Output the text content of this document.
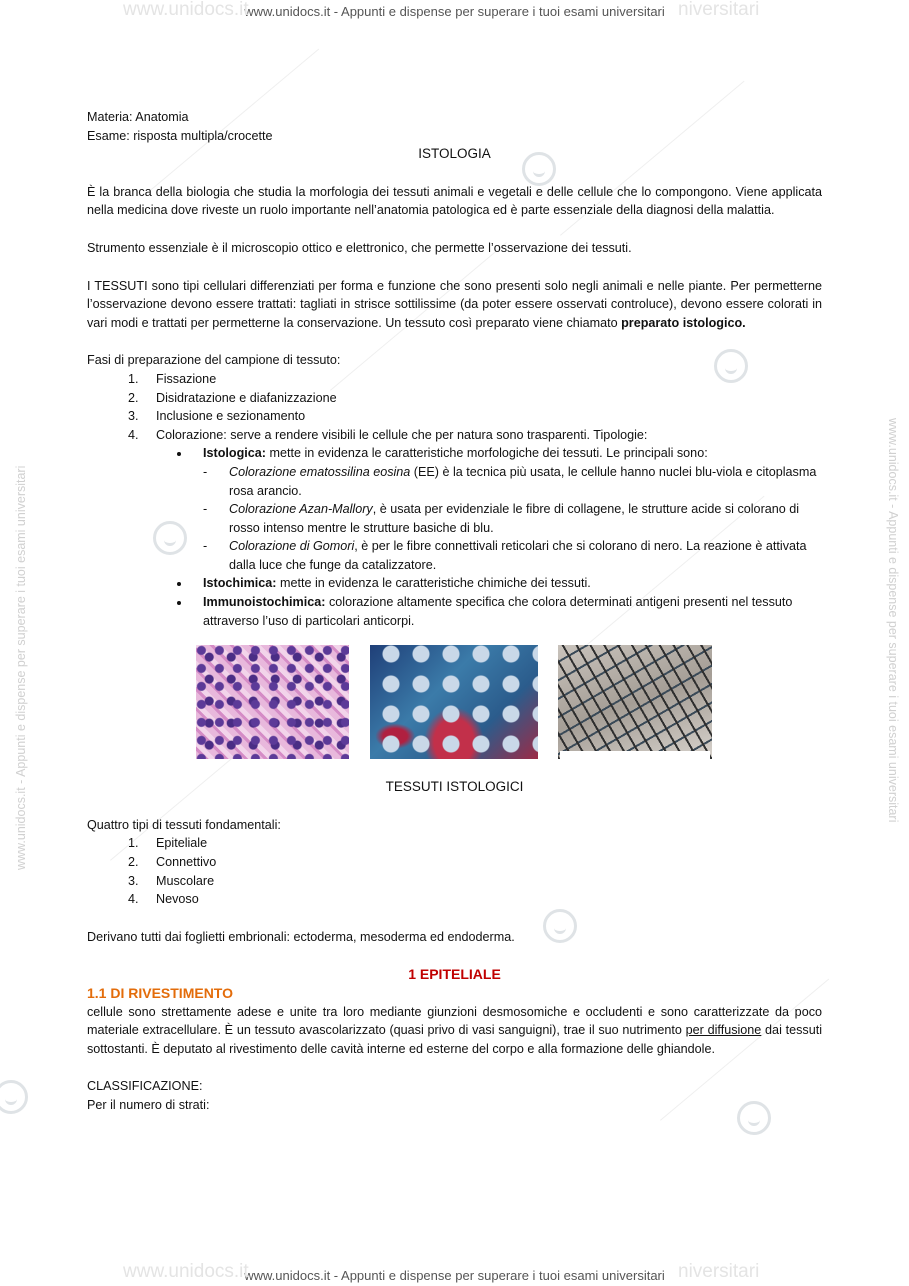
www.unidocs.it - Appunti e dispense per superare i tuoi esami universitari
www.unidocs.it	niversitari
www.unidocs.it - Appunti e dispense per superare i tuoi esami universitari
www.unidocs.it	niversitari
www.unidocs.it - Appunti e dispense per superare i tuoi esami universitari	www.unidocs.it - Appunti e dispense per superare i tuoi esami universitari

Materia: Anatomia

Esame: risposta multipla/crocette

ISTOLOGIA

È la branca della biologia che studia la morfologia dei tessuti animali e vegetali e delle cellule che lo compongono. Viene applicata nella medicina dove riveste un ruolo importante nell’anatomia patologica ed è parte essenziale della diagnosi della malattia.

Strumento essenziale è il microscopio ottico e elettronico, che permette l’osservazione dei tessuti.

I TESSUTI sono tipi cellulari differenziati per forma e funzione che sono presenti solo negli animali e nelle piante. Per permetterne l’osservazione devono essere trattati: tagliati in strisce sottilissime (da poter essere osservati controluce), devono essere colorati in vari modi e trattati per permetterne la conservazione. Un tessuto così preparato viene chiamato preparato istologico.

Fasi di preparazione del campione di tessuto:

1. Fissazione
2. Disidratazione e diafanizzazione
3. Inclusione e sezionamento
4. Colorazione: serve a rendere visibili le cellule che per natura sono trasparenti. Tipologie:
• Istologica: mette in evidenza le caratteristiche morfologiche dei tessuti. Le principali sono:
- Colorazione ematossilina eosina (EE) è la tecnica più usata, le cellule hanno nuclei blu-viola e citoplasma rosa arancio.
- Colorazione Azan-Mallory, è usata per evidenziale le fibre di collagene, le strutture acide si colorano di rosso intenso mentre le strutture basiche di blu.
- Colorazione di Gomori, è per le fibre connettivali reticolari che si colorano di nero. La reazione è attivata dalla luce che funge da catalizzatore.
• Istochimica: mette in evidenza le caratteristiche chimiche dei tessuti.
• Immunoistochimica: colorazione altamente specifica che colora determinati antigeni presenti nel tessuto attraverso l’uso di particolari anticorpi.

TESSUTI ISTOLOGICI

Quattro tipi di tessuti fondamentali:

1. Epiteliale
2. Connettivo
3. Muscolare
4. Nevoso

Derivano tutti dai foglietti embrionali: ectoderma, mesoderma ed endoderma.

1 EPITELIALE

1.1 DI RIVESTIMENTO

cellule sono strettamente adese e unite tra loro mediante giunzioni desmosomiche e occludenti e sono caratterizzate da poco materiale extracellulare. È un tessuto avascolarizzato (quasi privo di vasi sanguigni), trae il suo nutrimento per diffusione dai tessuti sottostanti. È deputato al rivestimento delle cavità interne ed esterne del corpo e alla formazione delle ghiandole.

CLASSIFICAZIONE:

Per il numero di strati:
